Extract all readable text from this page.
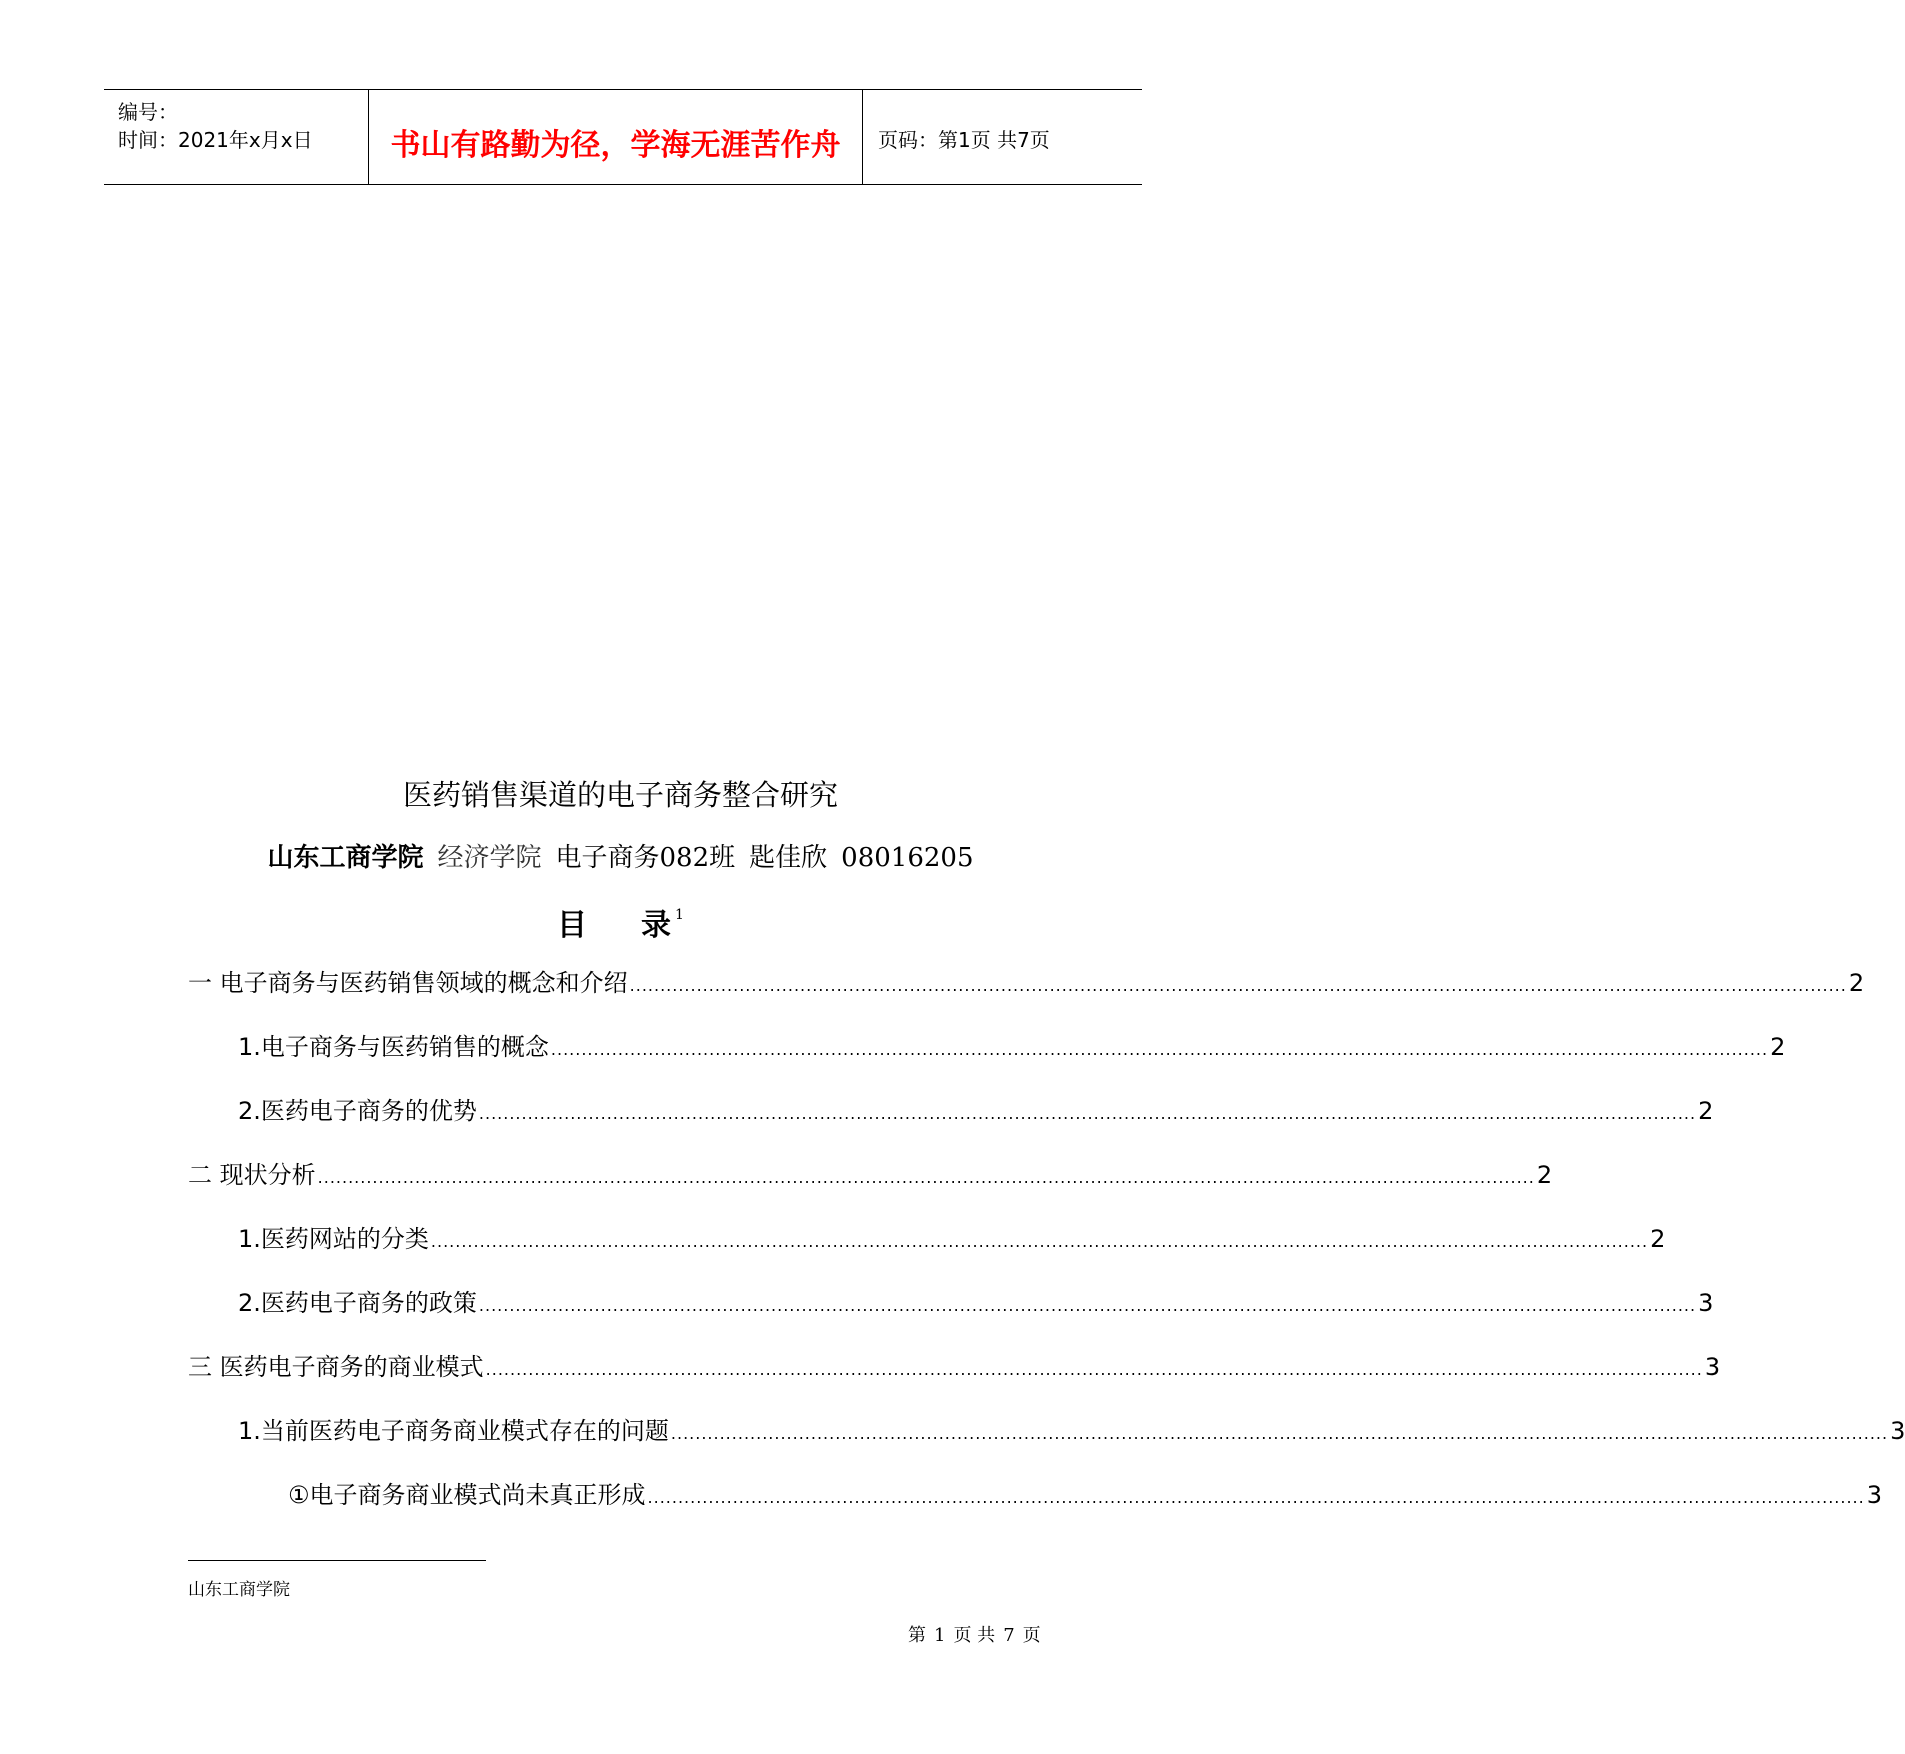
编号：
时间：2021年x月x日	书山有路勤为径，学海无涯苦作舟	页码：第1页 共7页
医药销售渠道的电子商务整合研究
山东工商学院 经济学院 电子商务082班 匙佳欣 08016205
目 录 $^1$
一 电子商务与医药销售领域的概念和介绍 ........................................................................................................................................................................................................ 2
1.电子商务与医药销售的概念 ........................................................................................................................................................................................................ 2
2.医药电子商务的优势 ........................................................................................................................................................................................................ 2
二 现状分析 ........................................................................................................................................................................................................ 2
1.医药网站的分类 ........................................................................................................................................................................................................ 2
2.医药电子商务的政策 ........................................................................................................................................................................................................ 3
三 医药电子商务的商业模式 ........................................................................................................................................................................................................ 3
1.当前医药电子商务商业模式存在的问题 ........................................................................................................................................................................................................ 3
①电子商务商业模式尚未真正形成 ........................................................................................................................................................................................................ 3
山东工商学院
第 1 页 共 7 页
